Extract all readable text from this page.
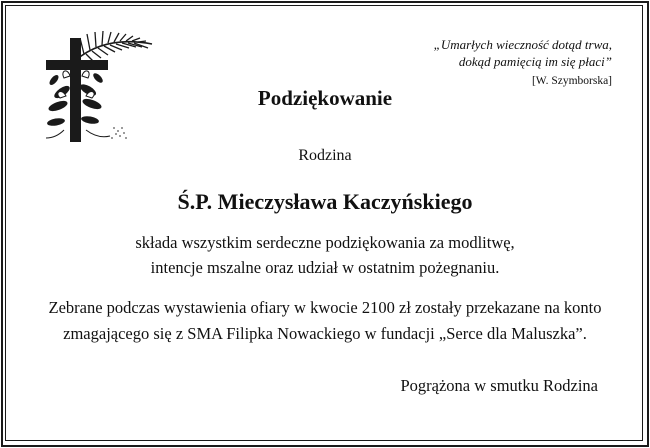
„Umarłych wieczność dotąd trwa,
dokąd pamięcią im się płaci”
[W. Szymborska]
Podziękowanie
Rodzina
Ś.P. Mieczysława Kaczyńskiego
składa wszystkim serdeczne podziękowania za modlitwę,
intencje mszalne oraz udział w ostatnim pożegnaniu.
Zebrane podczas wystawienia ofiary w kwocie 2100 zł zostały przekazane na konto
zmagającego się z SMA Filipka Nowackiego w fundacji „Serce dla Maluszka”.
Pogrążona w smutku Rodzina
